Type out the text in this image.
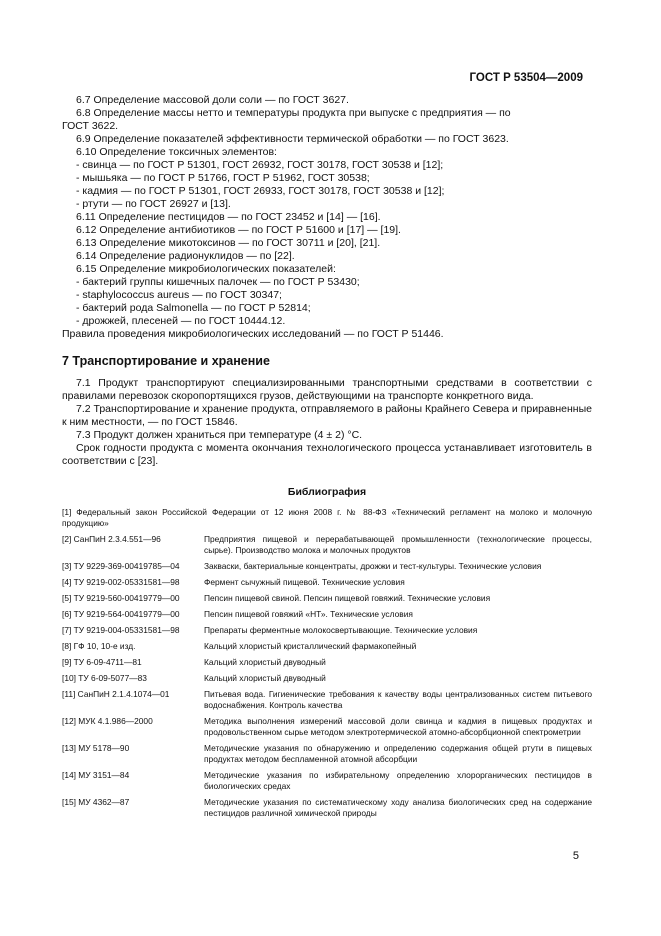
ГОСТ Р 53504—2009
6.7 Определение массовой доли соли — по ГОСТ 3627.
6.8 Определение массы нетто и температуры продукта при выпуске с предприятия — по
ГОСТ 3622.
6.9 Определение показателей эффективности термической обработки — по ГОСТ 3623.
6.10 Определение токсичных элементов:
- свинца — по ГОСТ Р 51301, ГОСТ 26932, ГОСТ 30178, ГОСТ 30538 и [12];
- мышьяка — по ГОСТ Р 51766, ГОСТ Р 51962, ГОСТ 30538;
- кадмия — по ГОСТ Р 51301, ГОСТ 26933, ГОСТ 30178, ГОСТ 30538 и [12];
- ртути — по ГОСТ 26927 и [13].
6.11 Определение пестицидов — по ГОСТ 23452 и [14] — [16].
6.12 Определение антибиотиков — по ГОСТ Р 51600 и [17] — [19].
6.13 Определение микотоксинов — по ГОСТ 30711 и [20], [21].
6.14 Определение радионуклидов — по [22].
6.15 Определение микробиологических показателей:
- бактерий группы кишечных палочек — по ГОСТ Р 53430;
- staphylococcus aureus — по ГОСТ 30347;
- бактерий рода Salmonella — по ГОСТ Р 52814;
- дрожжей, плесеней — по ГОСТ 10444.12.
Правила проведения микробиологических исследований — по ГОСТ Р 51446.
7 Транспортирование и хранение
7.1 Продукт транспортируют специализированными транспортными средствами в соответствии с правилами перевозок скоропортящихся грузов, действующими на транспорте конкретного вида.
7.2 Транспортирование и хранение продукта, отправляемого в районы Крайнего Севера и приравненные к ним местности, — по ГОСТ 15846.
7.3 Продукт должен храниться при температуре (4 ± 2) °С.
Срок годности продукта с момента окончания технологического процесса устанавливает изготовитель в соответствии с [23].
Библиография
[1] Федеральный закон Российской Федерации от 12 июня 2008 г. № 88-ФЗ «Технический регламент на молоко и молочную продукцию»
[2] СанПиН 2.3.4.551—96	Предприятия пищевой и перерабатывающей промышленности (технологические процессы, сырье). Производство молока и молочных продуктов
[3] ТУ 9229-369-00419785—04	Закваски, бактериальные концентраты, дрожжи и тест-культуры. Технические условия
[4] ТУ 9219-002-05331581—98	Фермент сычужный пищевой. Технические условия
[5] ТУ 9219-560-00419779—00	Пепсин пищевой свиной. Пепсин пищевой говяжий. Технические условия
[6] ТУ 9219-564-00419779—00	Пепсин пищевой говяжий «НТ». Технические условия
[7] ТУ 9219-004-05331581—98	Препараты ферментные молокосвертывающие. Технические условия
[8] ГФ 10, 10-е изд.	Кальций хлористый кристаллический фармакопейный
[9] ТУ 6-09-4711—81	Кальций хлористый двуводный
[10] ТУ 6-09-5077—83	Кальций хлористый двуводный
[11] СанПиН 2.1.4.1074—01	Питьевая вода. Гигиенические требования к качеству воды централизованных систем питьевого водоснабжения. Контроль качества
[12] МУК 4.1.986—2000	Методика выполнения измерений массовой доли свинца и кадмия в пищевых продуктах и продовольственном сырье методом электротермической атомно-абсорбционной спектрометрии
[13] МУ 5178—90	Методические указания по обнаружению и определению содержания общей ртути в пищевых продуктах методом беспламенной атомной абсорбции
[14] МУ 3151—84	Методические указания по избирательному определению хлорорганических пестицидов в биологических средах
[15] МУ 4362—87	Методические указания по систематическому ходу анализа биологических сред на содержание пестицидов различной химической природы
5
